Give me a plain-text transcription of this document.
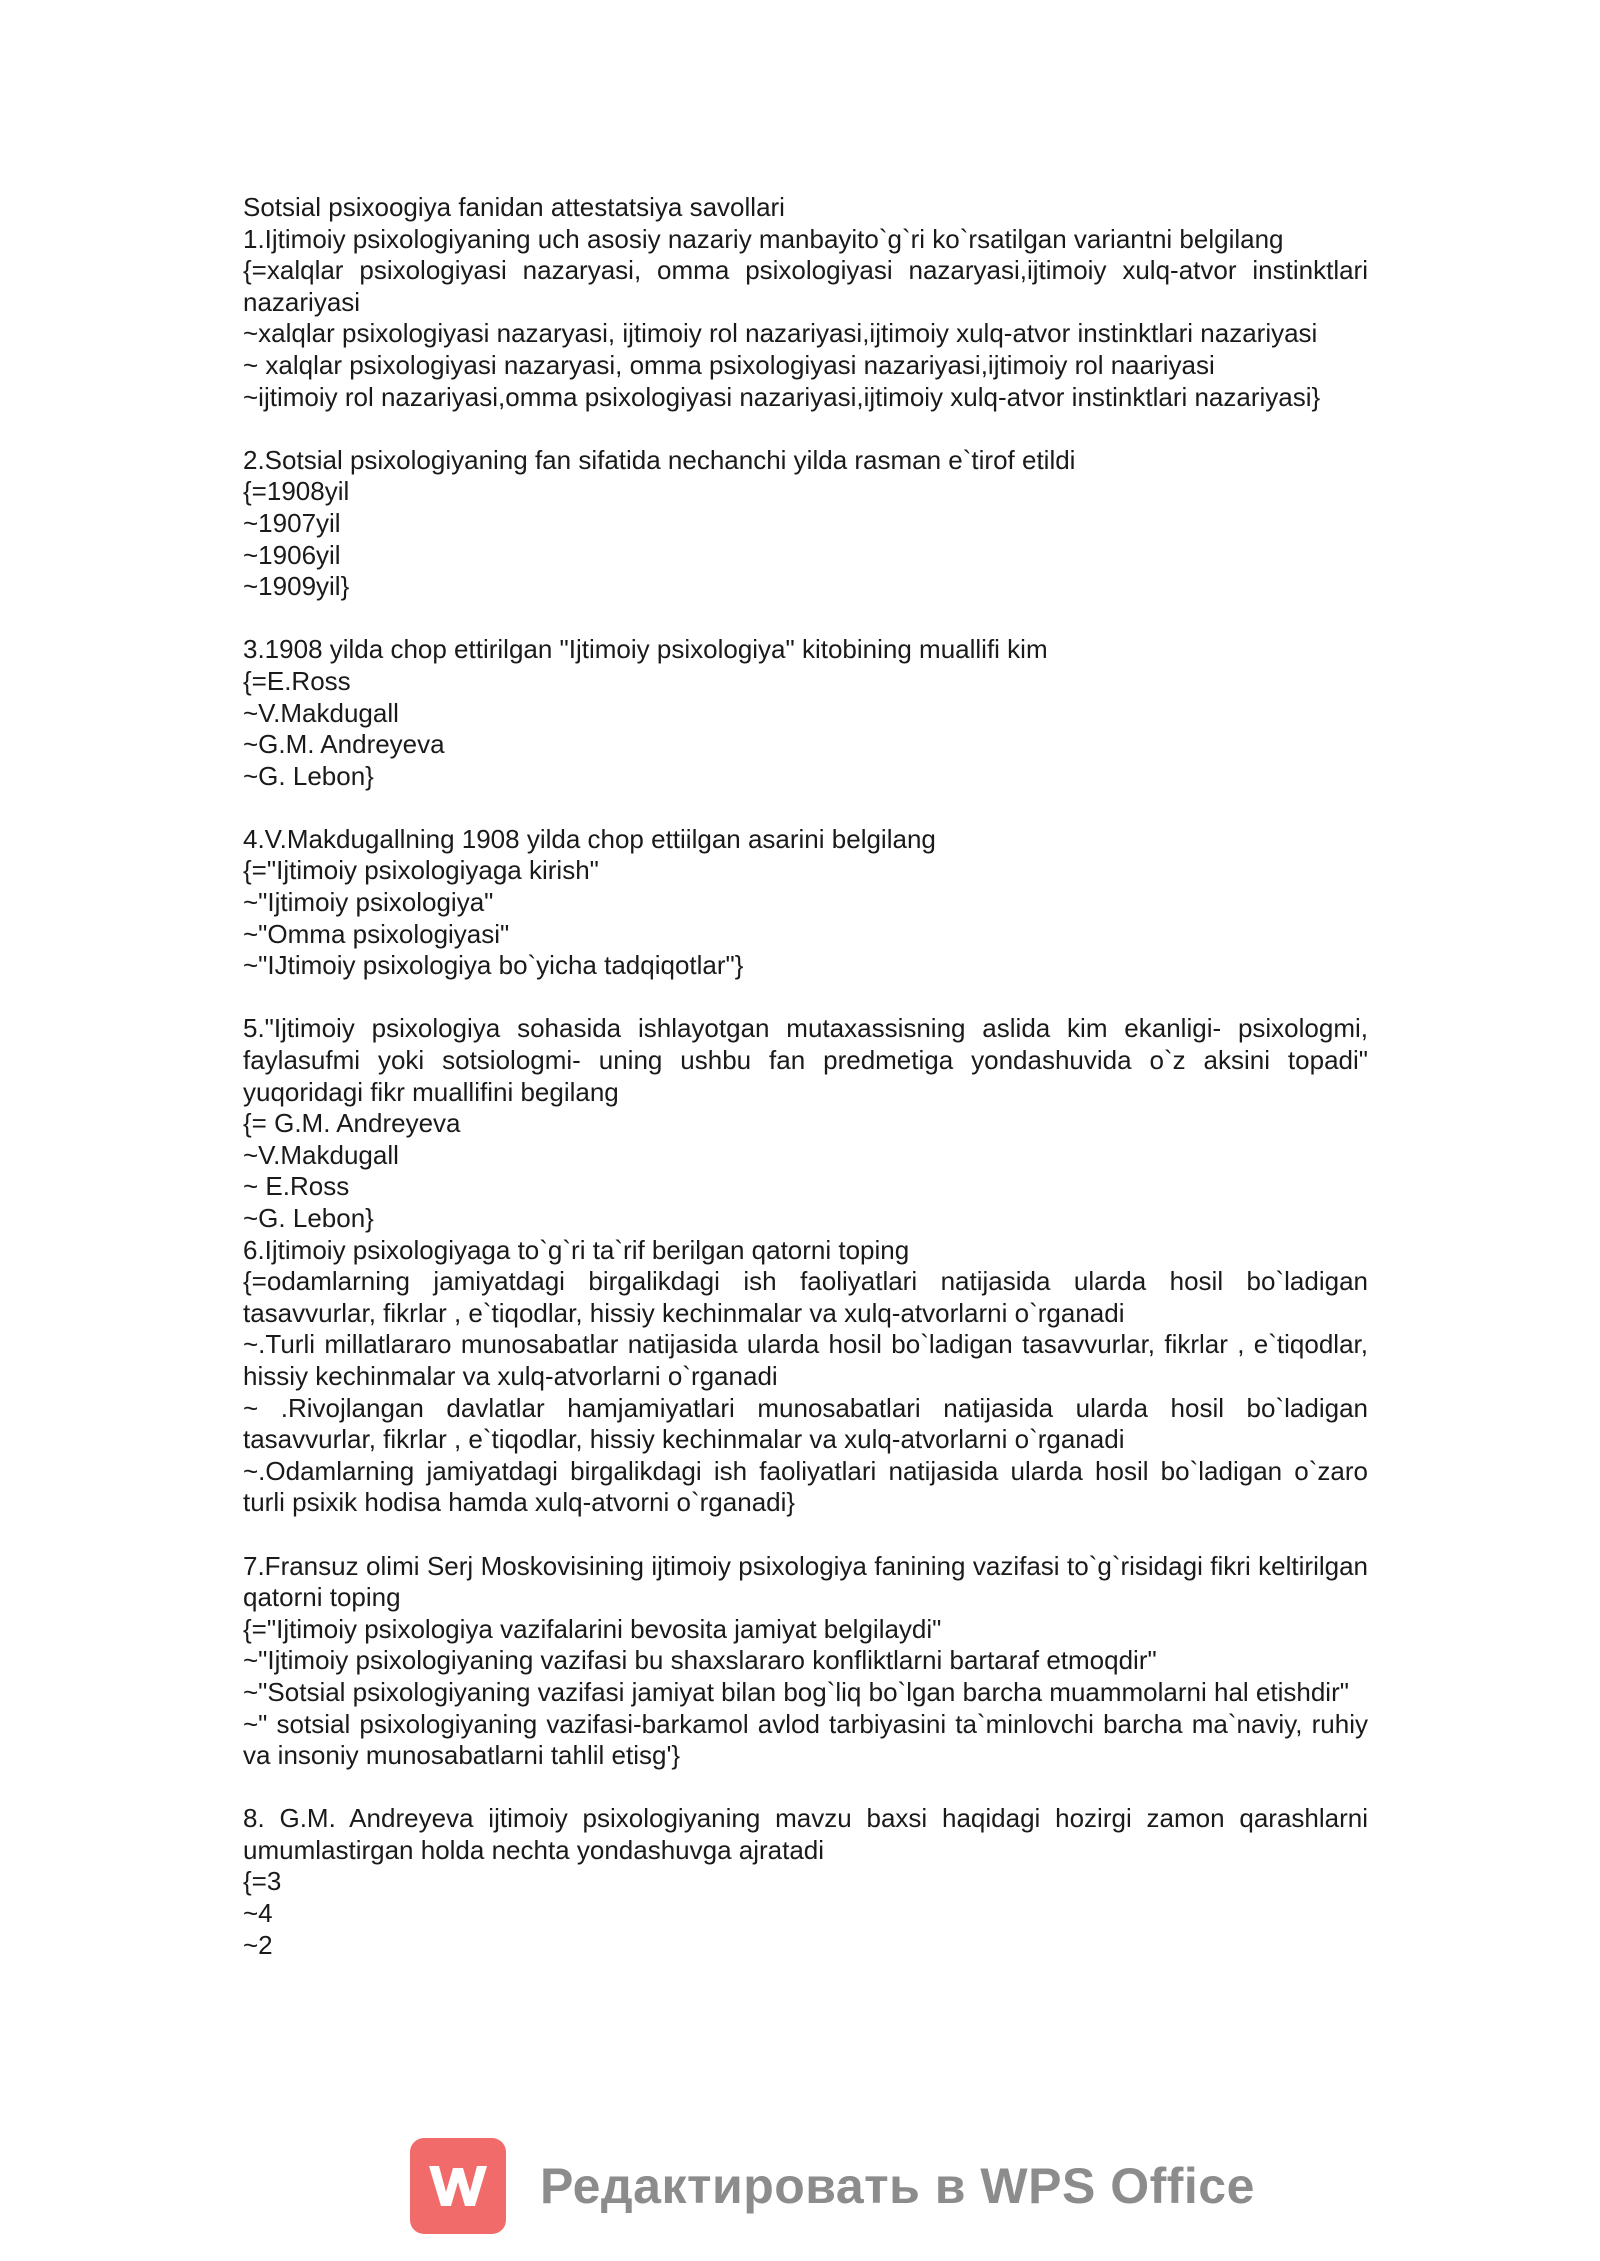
Sotsial psixoogiya fanidan attestatsiya savollari

1.Ijtimoiy psixologiyaning uch asosiy nazariy manbayito`g`ri ko`rsatilgan variantni belgilang

{=xalqlar psixologiyasi nazaryasi, omma psixologiyasi nazaryasi,ijtimoiy xulq-atvor instinktlari nazariyasi

~xalqlar psixologiyasi nazaryasi, ijtimoiy rol nazariyasi,ijtimoiy xulq-atvor instinktlari nazariyasi

~ xalqlar psixologiyasi nazaryasi, omma psixologiyasi nazariyasi,ijtimoiy rol naariyasi

~ijtimoiy rol nazariyasi,omma psixologiyasi nazariyasi,ijtimoiy xulq-atvor instinktlari nazariyasi}

2.Sotsial psixologiyaning fan sifatida nechanchi yilda rasman e`tirof etildi

{=1908yil

~1907yil

~1906yil

~1909yil}

3.1908 yilda chop ettirilgan "Ijtimoiy psixologiya" kitobining muallifi kim

{=E.Ross

~V.Makdugall

~G.M. Andreyeva

~G. Lebon}

4.V.Makdugallning 1908 yilda chop ettiilgan asarini belgilang

{="Ijtimoiy psixologiyaga kirish"

~"Ijtimoiy psixologiya"

~"Omma psixologiyasi"

~"IJtimoiy psixologiya bo`yicha tadqiqotlar"}

5."Ijtimoiy psixologiya sohasida ishlayotgan mutaxassisning aslida kim ekanligi- psixologmi, faylasufmi yoki sotsiologmi- uning ushbu fan predmetiga yondashuvida o`z aksini topadi" yuqoridagi fikr muallifini begilang

{= G.M. Andreyeva

~V.Makdugall

~ E.Ross

~G. Lebon}

6.Ijtimoiy psixologiyaga to`g`ri ta`rif berilgan qatorni toping

{=odamlarning jamiyatdagi birgalikdagi ish faoliyatlari natijasida ularda hosil bo`ladigan tasavvurlar, fikrlar , e`tiqodlar, hissiy kechinmalar va xulq-atvorlarni o`rganadi

~.Turli millatlararo munosabatlar natijasida ularda hosil bo`ladigan tasavvurlar, fikrlar , e`tiqodlar, hissiy kechinmalar va xulq-atvorlarni o`rganadi

~ .Rivojlangan davlatlar hamjamiyatlari munosabatlari natijasida ularda hosil bo`ladigan tasavvurlar, fikrlar , e`tiqodlar, hissiy kechinmalar va xulq-atvorlarni o`rganadi

~.Odamlarning jamiyatdagi birgalikdagi ish faoliyatlari natijasida ularda hosil bo`ladigan o`zaro turli psixik hodisa hamda xulq-atvorni o`rganadi}

7.Fransuz olimi Serj Moskovisining ijtimoiy psixologiya fanining vazifasi to`g`risidagi fikri keltirilgan qatorni toping

{="Ijtimoiy psixologiya vazifalarini bevosita jamiyat belgilaydi"

~"Ijtimoiy psixologiyaning vazifasi bu shaxslararo konfliktlarni bartaraf etmoqdir"

~"Sotsial psixologiyaning vazifasi jamiyat bilan bog`liq bo`lgan barcha muammolarni hal etishdir"

~" sotsial psixologiyaning vazifasi-barkamol avlod tarbiyasini ta`minlovchi barcha ma`naviy, ruhiy va insoniy munosabatlarni tahlil etisg'}

8. G.M. Andreyeva ijtimoiy psixologiyaning mavzu baxsi haqidagi hozirgi zamon qarashlarni umumlastirgan holda nechta yondashuvga ajratadi

{=3

~4

~2

Редактировать в WPS Office
